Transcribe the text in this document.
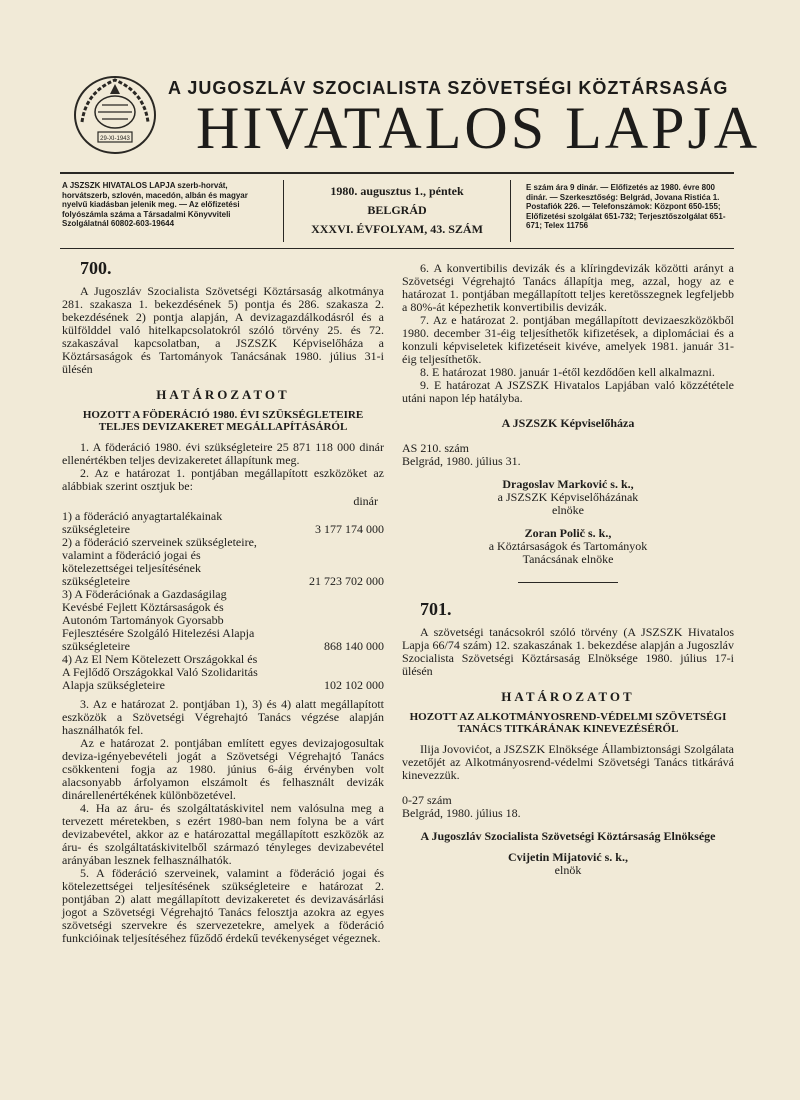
29-XI-1943
A JUGOSZLÁV SZOCIALISTA SZÖVETSÉGI KÖZTÁRSASÁG
HIVATALOS LAPJA
A JSZSZK HIVATALOS LAPJA szerb-horvát, horvátszerb, szlovén, macedón, albán és magyar nyelvű kiadásban jelenik meg. — Az előfizetési folyószámla száma a Társadalmi Könyvviteli Szolgálatnál 60802-603-19644
1980. augusztus 1., péntek
BELGRÁD
XXXVI. ÉVFOLYAM, 43. SZÁM
E szám ára 9 dinár. — Előfizetés az 1980. évre 800 dinár. — Szerkesztőség: Belgrád, Jovana Ristića 1. Postafiók 226. — Telefonszámok: Központ 650-155; Előfizetési szolgálat 651-732; Terjesztőszolgálat 651-671; Telex 11756

700.

A Jugoszláv Szocialista Szövetségi Köztársaság alkotmánya 281. szakasza 1. bekezdésének 5) pontja és 286. szakasza 2. bekezdésének 2) pontja alapján, A devizagazdálkodásról és a külfölddel való hitelkapcsolatokról szóló törvény 25. és 72. szakaszával kapcsolatban, a JSZSZK Képviselőháza a Köztársaságok és Tartományok Tanácsának 1980. július 31-i ülésén

HATÁROZATOT

HOZOTT A FÖDERÁCIÓ 1980. ÉVI SZÜKSÉGLETEIRE TELJES DEVIZAKERET MEGÁLLAPÍTÁSÁRÓL

1. A föderáció 1980. évi szükségleteire 25 871 118 000 dinár ellenértékben teljes devizakeretet állapítunk meg.

2. Az e határozat 1. pontjában megállapított eszközöket az alábbiak szerint osztjuk be:

dinár

1) a föderáció anyagtartalékainak szükségleteire	3 177 174 000

2) a föderáció szerveinek szükségleteire, valamint a föderáció jogai és kötelezettségei teljesítésének szükségleteire	21 723 702 000

3) A Föderációnak a Gazdaságilag Kevésbé Fejlett Köztársaságok és Autonóm Tartományok Gyorsabb Fejlesztésére Szolgáló Hitelezési Alapja szükségleteire	868 140 000

4) Az El Nem Kötelezett Országokkal és A Fejlődő Országokkal Való Szolidaritás Alapja szükségleteire	102 102 000

3. Az e határozat 2. pontjában 1), 3) és 4) alatt megállapított eszközök a Szövetségi Végrehajtó Tanács végzése alapján használhatók fel.

Az e határozat 2. pontjában említett egyes devizajogosultak deviza-igényebevételi jogát a Szövetségi Végrehajtó Tanács csökkenteni fogja az 1980. június 6-áig érvényben volt alacsonyabb árfolyamon elszámolt és felhasznált devizák dinárellenértékének különbözetével.

4. Ha az áru- és szolgáltatáskivitel nem valósulna meg a tervezett méretekben, s ezért 1980-ban nem folyna be a várt devizabevétel, akkor az e határozattal megállapított eszközök az áru- és szolgáltatáskivitelből származó tényleges devizabevétel arányában lesznek felhasználhatók.

5. A föderáció szerveinek, valamint a föderáció jogai és kötelezettségei teljesítésének szükségleteire e határozat 2. pontjában 2) alatt megállapított devizakeretet és devizavásárlási jogot a Szövetségi Végrehajtó Tanács felosztja azokra az egyes szövetségi szervekre és szervezetekre, amelyek a föderáció funkcióinak teljesítéséhez fűződő érdekű tevékenységet végeznek.

6. A konvertibilis devizák és a klíringdevizák közötti arányt a Szövetségi Végrehajtó Tanács állapítja meg, azzal, hogy az e határozat 1. pontjában megállapított teljes keretösszegnek legfeljebb a 80%-át képezhetik konvertibilis devizák.

7. Az e határozat 2. pontjában megállapított devizaeszközökből 1980. december 31-éig teljesíthetők kifizetések, a diplomáciai és a konzuli képviseletek kifizetéseit kivéve, amelyek 1981. január 31-éig teljesíthetők.

8. E határozat 1980. január 1-étől kezdődően kell alkalmazni.

9. E határozat A JSZSZK Hivatalos Lapjában való közzététele utáni napon lép hatályba.

A JSZSZK Képviselőháza

AS 210. szám

Belgrád, 1980. július 31.

Dragoslav Marković s. k.,
a JSZSZK Képviselőházának
elnöke
Zoran Polič s. k.,
a Köztársaságok és Tartományok
Tanácsának elnöke

701.

A szövetségi tanácsokról szóló törvény (A JSZSZK Hivatalos Lapja 66/74 szám) 12. szakaszának 1. bekezdése alapján a Jugoszláv Szocialista Szövetségi Köztársaság Elnöksége 1980. július 17-i ülésén

HATÁROZATOT

HOZOTT AZ ALKOTMÁNYOSREND-VÉDELMI SZÖVETSÉGI TANÁCS TITKÁRÁNAK KINEVEZÉSÉRŐL

Ilija Jovovićot, a JSZSZK Elnöksége Állambiztonsági Szolgálata vezetőjét az Alkotmányosrend-védelmi Szövetségi Tanács titkárává kinevezzük.

0-27 szám

Belgrád, 1980. július 18.

A Jugoszláv Szocialista Szövetségi Köztársaság Elnöksége

Cvijetin Mijatović s. k.,
elnök
